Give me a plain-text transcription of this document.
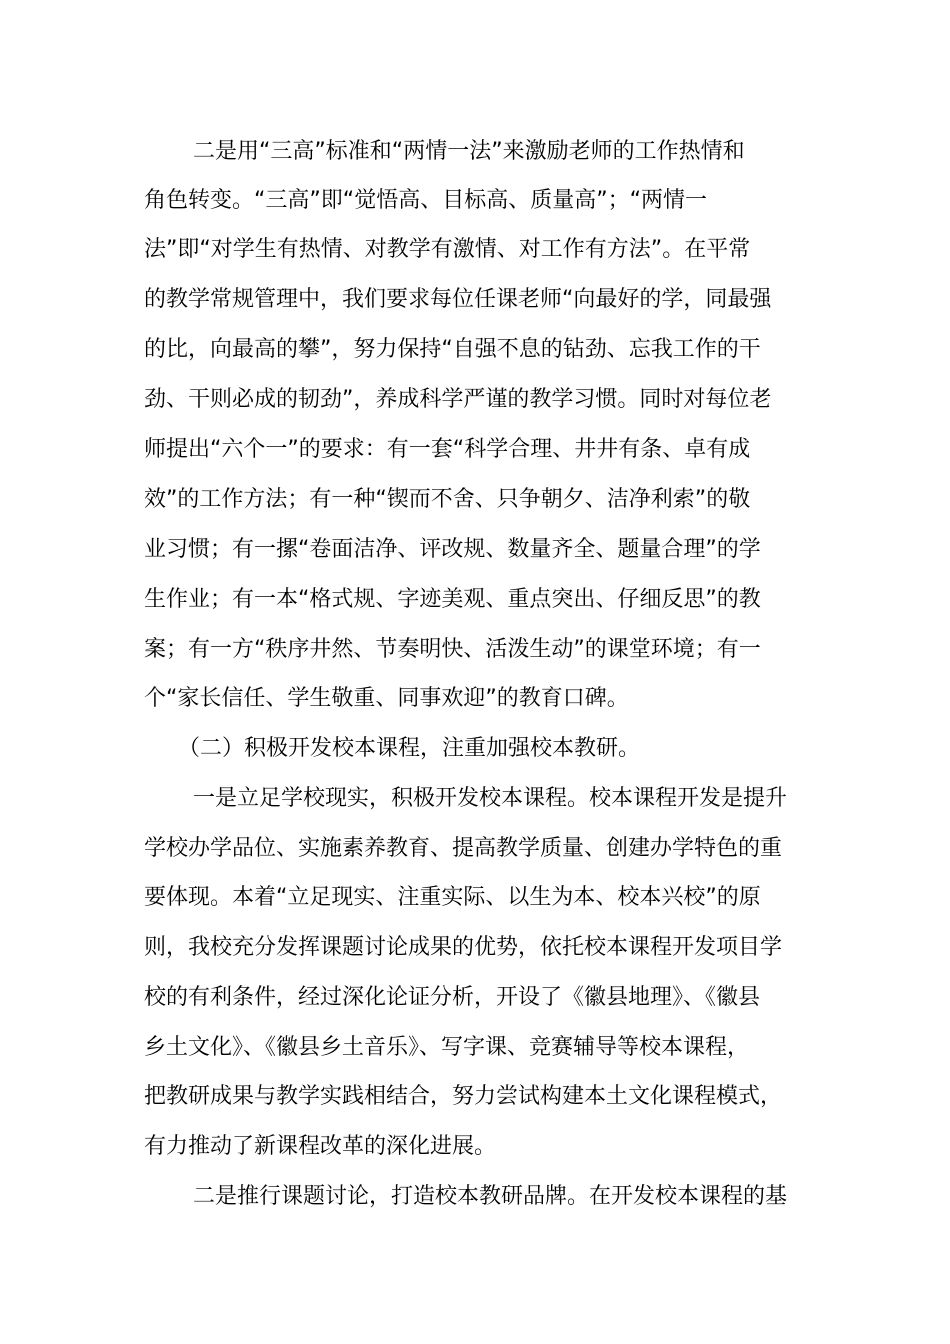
二是用“三高”标准和“两情一法”来激励老师的工作热情和
角色转变。“三高”即“觉悟高、目标高、质量高”；“两情一
法”即“对学生有热情、对教学有激情、对工作有方法”。在平常
的教学常规管理中，我们要求每位任课老师“向最好的学，同最强
的比，向最高的攀”，努力保持“自强不息的钻劲、忘我工作的干
劲、干则必成的韧劲”，养成科学严谨的教学习惯。同时对每位老
师提出“六个一”的要求：有一套“科学合理、井井有条、卓有成
效”的工作方法；有一种“锲而不舍、只争朝夕、洁净利索”的敬
业习惯；有一摞“卷面洁净、评改规、数量齐全、题量合理”的学
生作业；有一本“格式规、字迹美观、重点突出、仔细反思”的教
案；有一方“秩序井然、节奏明快、活泼生动”的课堂环境；有一
个“家长信任、学生敬重、同事欢迎”的教育口碑。
（二）积极开发校本课程，注重加强校本教研。
一是立足学校现实，积极开发校本课程。校本课程开发是提升
学校办学品位、实施素养教育、提高教学质量、创建办学特色的重
要体现。本着“立足现实、注重实际、以生为本、校本兴校”的原
则，我校充分发挥课题讨论成果的优势，依托校本课程开发项目学
校的有利条件，经过深化论证分析，开设了《徽县地理》、《徽县
乡土文化》、《徽县乡土音乐》、写字课、竞赛辅导等校本课程，
把教研成果与教学实践相结合，努力尝试构建本土文化课程模式，
有力推动了新课程改革的深化进展。
二是推行课题讨论，打造校本教研品牌。在开发校本课程的基
